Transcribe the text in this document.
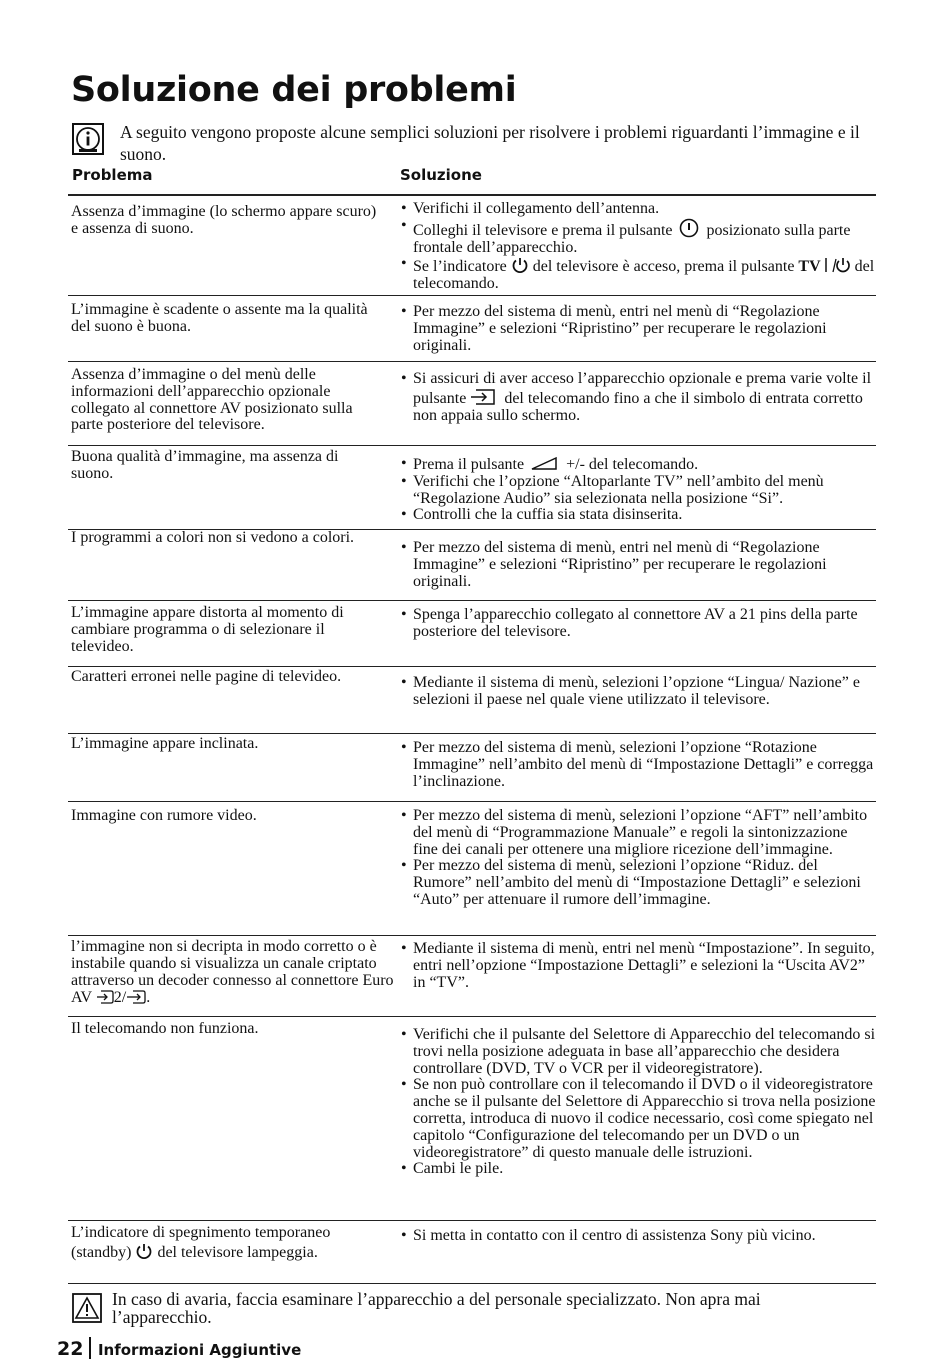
Soluzione dei problemi
A seguito vengono proposte alcune semplici soluzioni per risolvere i problemi riguardanti l’immagine e il suono.
Problema	Soluzione
Assenza d’immagine (lo schermo appare scuro) e assenza di suono.
• Verifichi il collegamento dell’antenna.
• Colleghi il televisore e prema il pulsante  posizionato sulla parte frontale dell’apparecchio.
• Se l’indicatore  del televisore è acceso, prema il pulsante TV del telecomando.
L’immagine è scadente o assente ma la qualità del suono è buona.
• Per mezzo del sistema di menù, entri nel menù di “Regolazione Immagine” e selezioni “Ripristino” per recuperare le regolazioni originali.
Assenza d’immagine o del menù delle informazioni dell’apparecchio opzionale collegato al connettore AV posizionato sulla parte posteriore del televisore.
• Si assicuri di aver acceso l’apparecchio opzionale e prema varie volte il pulsante  del telecomando fino a che il simbolo di entrata corretto non appaia sullo schermo.
Buona qualità d’immagine, ma assenza di suono.
• Prema il pulsante  +/- del telecomando.
• Verifichi che l’opzione “Altoparlante TV” nell’ambito del menù “Regolazione Audio” sia selezionata nella posizione “Si”.
• Controlli che la cuffia sia stata disinserita.
I programmi a colori non si vedono a colori.
• Per mezzo del sistema di menù, entri nel menù di “Regolazione Immagine” e selezioni “Ripristino” per recuperare le regolazioni originali.
L’immagine appare distorta al momento di cambiare programma o di selezionare il televideo.
• Spenga l’apparecchio collegato al connettore AV a 21 pins della parte posteriore del televisore.
Caratteri erronei nelle pagine di televideo.	• Mediante il sistema di menù, selezioni l’opzione “Lingua/ Nazione” e selezioni il paese nel quale viene utilizzato il televisore.
L’immagine appare inclinata.	• Per mezzo del sistema di menù, selezioni l’opzione “Rotazione Immagine” nell’ambito del menù di “Impostazione Dettagli” e corregga l’inclinazione.
Immagine con rumore video.	• Per mezzo del sistema di menù, selezioni l’opzione “AFT” nell’ambito del menù di “Programmazione Manuale” e regoli la sintonizzazione fine dei canali per ottenere una migliore ricezione dell’immagine.
• Per mezzo del sistema di menù, selezioni l’opzione “Riduz. del Rumore” nell’ambito del menù di “Impostazione Dettagli” e selezioni “Auto” per attenuare il rumore dell’immagine.
l’immagine non si decripta in modo corretto o è instabile quando si visualizza un canale criptato attraverso un decoder connesso al connettore Euro AV 2/ .
• Mediante il sistema di menù, entri nel menù “Impostazione”. In seguito, entri nell’opzione “Impostazione Dettagli” e selezioni la “Uscita AV2” in “TV”.
Il telecomando non funziona.	• Verifichi che il pulsante del Selettore di Apparecchio del telecomando si trovi nella posizione adeguata in base all’apparecchio che desidera controllare (DVD, TV o VCR per il videoregistratore).
• Se non può controllare con il telecomando il DVD o il videoregistratore anche se il pulsante del Selettore di Apparecchio si trova nella posizione corretta, introduca di nuovo il codice necessario, così come spiegato nel capitolo “Configurazione del telecomando per un DVD o un videoregistratore” di questo manuale delle istruzioni.
• Cambi le pile.
L’indicatore di spegnimento temporaneo (standby)  del televisore lampeggia.
• Si metta in contatto con il centro di assistenza Sony più vicino.
In caso di avaria, faccia esaminare l’apparecchio a del personale specializzato. Non apra mai l’apparecchio.
22 Informazioni Aggiuntive
